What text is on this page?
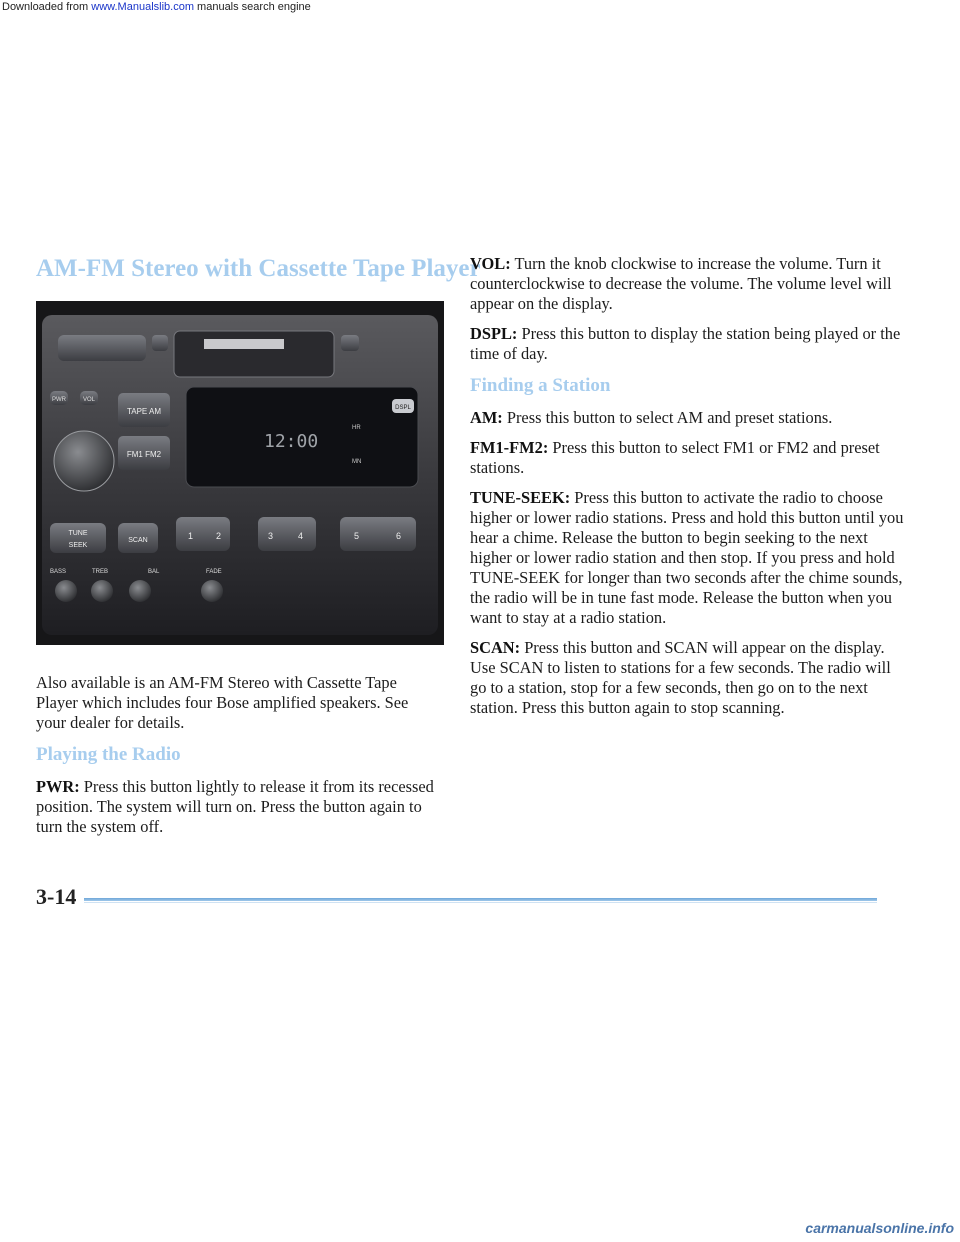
Downloaded from www.Manualslib.com manuals search engine
AM-FM Stereo with Cassette Tape Player
PWR	VOL
TAPE AM
FM1 FM2
12:00
HR
MN
DSPL
TUNE
SEEK
SCAN	1	2	3	4	5	6
BASS	TREB	BAL	FADE

Also available is an AM-FM Stereo with Cassette Tape Player which includes four Bose amplified speakers. See your dealer for details.

Playing the Radio

PWR: Press this button lightly to release it from its recessed position. The system will turn on. Press the button again to turn the system off.

VOL: Turn the knob clockwise to increase the volume. Turn it counterclockwise to decrease the volume. The volume level will appear on the display.

DSPL: Press this button to display the station being played or the time of day.

Finding a Station

AM: Press this button to select AM and preset stations.

FM1-FM2: Press this button to select FM1 or FM2 and preset stations.

TUNE-SEEK: Press this button to activate the radio to choose higher or lower radio stations. Press and hold this button until you hear a chime. Release the button to begin seeking to the next higher or lower radio station and then stop. If you press and hold TUNE-SEEK for longer than two seconds after the chime sounds, the radio will be in tune fast mode. Release the button when you want to stay at a radio station.

SCAN: Press this button and SCAN will appear on the display. Use SCAN to listen to stations for a few seconds. The radio will go to a station, stop for a few seconds, then go on to the next station. Press this button again to stop scanning.

3-14
carmanualsonline.info
